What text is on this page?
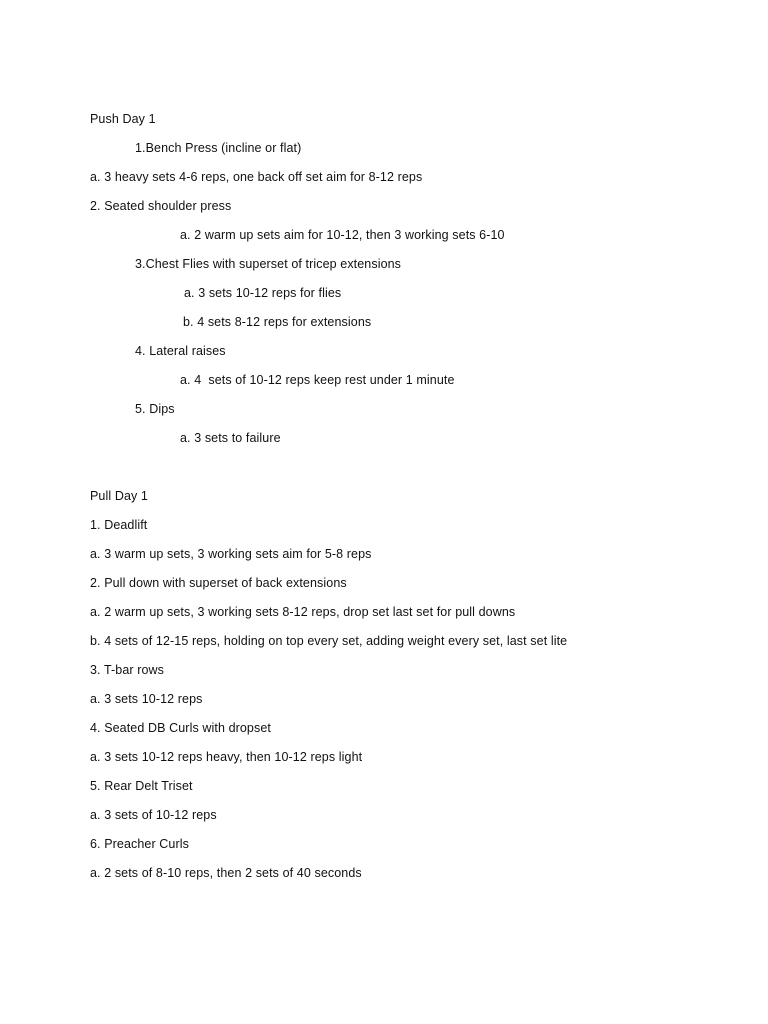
Push Day 1
1.Bench Press (incline or flat)
a. 3 heavy sets 4-6 reps, one back off set aim for 8-12 reps
2. Seated shoulder press
a. 2 warm up sets aim for 10-12, then 3 working sets 6-10
3.Chest Flies with superset of tricep extensions
a. 3 sets 10-12 reps for flies
b. 4 sets 8-12 reps for extensions
4. Lateral raises
a. 4  sets of 10-12 reps keep rest under 1 minute
5. Dips
a. 3 sets to failure
Pull Day 1
1. Deadlift
a. 3 warm up sets, 3 working sets aim for 5-8 reps
2. Pull down with superset of back extensions
a. 2 warm up sets, 3 working sets 8-12 reps, drop set last set for pull downs
b. 4 sets of 12-15 reps, holding on top every set, adding weight every set, last set lite
3. T-bar rows
a. 3 sets 10-12 reps
4. Seated DB Curls with dropset
a. 3 sets 10-12 reps heavy, then 10-12 reps light
5. Rear Delt Triset
a. 3 sets of 10-12 reps
6. Preacher Curls
a. 2 sets of 8-10 reps, then 2 sets of 40 seconds
